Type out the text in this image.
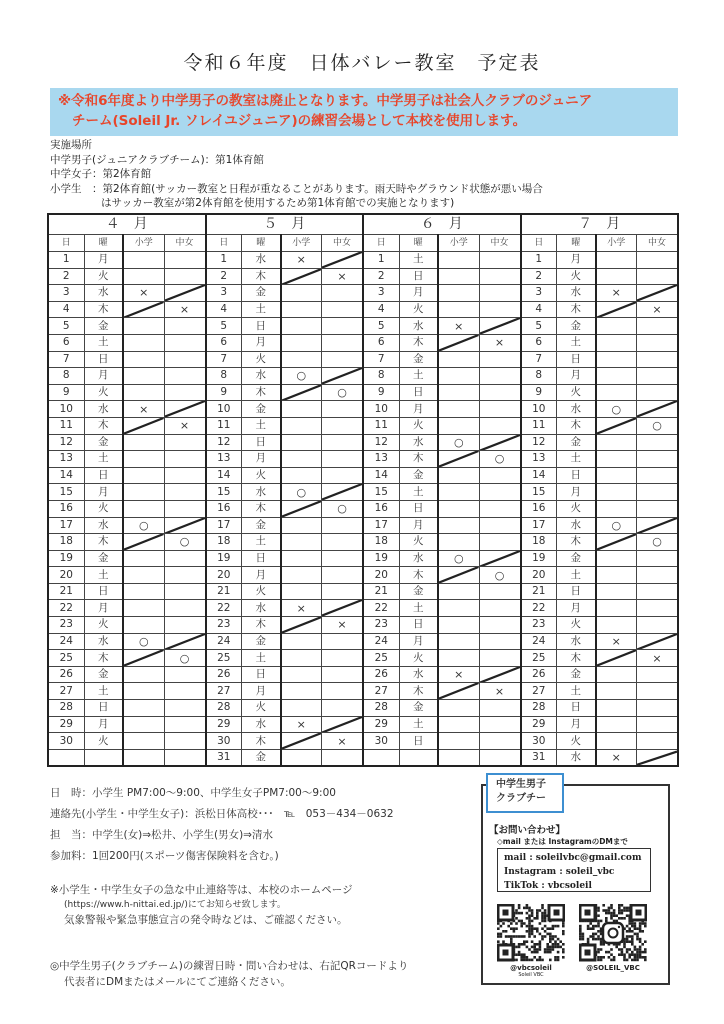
令和６年度　日体バレー教室　予定表
※令和6年度より中学男子の教室は廃止となります。中学男子は社会人クラブのジュニア
チーム(Soleil Jr. ソレイユジュニア)の練習会場として本校を使用します。
実施場所
中学男子(ジュニアクラブチーム)：第1体育館
中学女子：第2体育館
小学生　：第2体育館(サッカー教室と日程が重なることがあります。雨天時やグラウンド状態が悪い場合
はサッカー教室が第2体育館を使用するため第1体育館での実施となります)
４　月				５　月				６　月				７　月			
日	曜	小学	中女	日	曜	小学	中女	日	曜	小学	中女	日	曜	小学	中女
1	月			1	水	×		1	土			1	月		
2	火			2	木		×	2	日			2	火		
3	水	×		3	金			3	月			3	水	×	

4	木		×	4	土			4	火			4	木		×
5	金			5	日			5	水	×		5	金		
6	土			6	月			6	木		×	6	土		
7	日			7	火			7	金			7	日		
8	月			8	水	○		8	土			8	月		
9	火			9	木		○	9	日			9	火		
10	水	×		10	金			10	月			10	水	○	

11	木		×	11	土			11	火			11	木		○
12	金			12	日			12	水	○		12	金		
13	土			13	月			13	木		○	13	土		
14	日			14	火			14	金			14	日		
15	月			15	水	○		15	土			15	月		
16	火			16	木		○	16	日			16	火		
17	水	○		17	金			17	月			17	水	○	

18	木		○	18	土			18	火			18	木		○
19	金			19	日			19	水	○		19	金		
20	土			20	月			20	木		○	20	土		
21	日			21	火			21	金			21	日		
22	月			22	水	×		22	土			22	月		
23	火			23	木		×	23	日			23	火		
24	水	○		24	金			24	月			24	水	×	

25	木		○	25	土			25	火			25	木		×
26	金			26	日			26	水	×		26	金		
27	土			27	月			27	木		×	27	土		
28	日			28	火			28	金			28	日		
29	月			29	水	×		29	土			29	月		
30	火			30	木		×	30	日			30	火		
				31	金							31	水	×	
日　時：小学生 PM7:00～9:00、中学生女子PM7:00～9:00
連絡先(小学生・中学生女子)：浜松日体高校･･･　℡　053－434－0632
担　当：中学生(女)⇒松井、小学生(男女)⇒清水
参加料：1回200円(スポーツ傷害保険料を含む。)
※小学生・中学生女子の急な中止連絡等は、本校のホームページ
(https://www.h-nittai.ed.jp/)にてお知らせ致します。
気象警報や緊急事態宣言の発令時などは、ご確認ください。
◎中学生男子(クラブチーム)の練習日時・問い合わせは、右記QRコードより
代表者にDMまたはメールにてご連絡ください。
【お問い合わせ】
◇mail または InstagramのDMまで
mail : soleilvbc@gmail.com
Instagram : soleil_vbc
TikTok : vbcsoleil
@vbcsoleil
Soleil VBC
@SOLEIL_VBC
中学生男子
クラブチー
